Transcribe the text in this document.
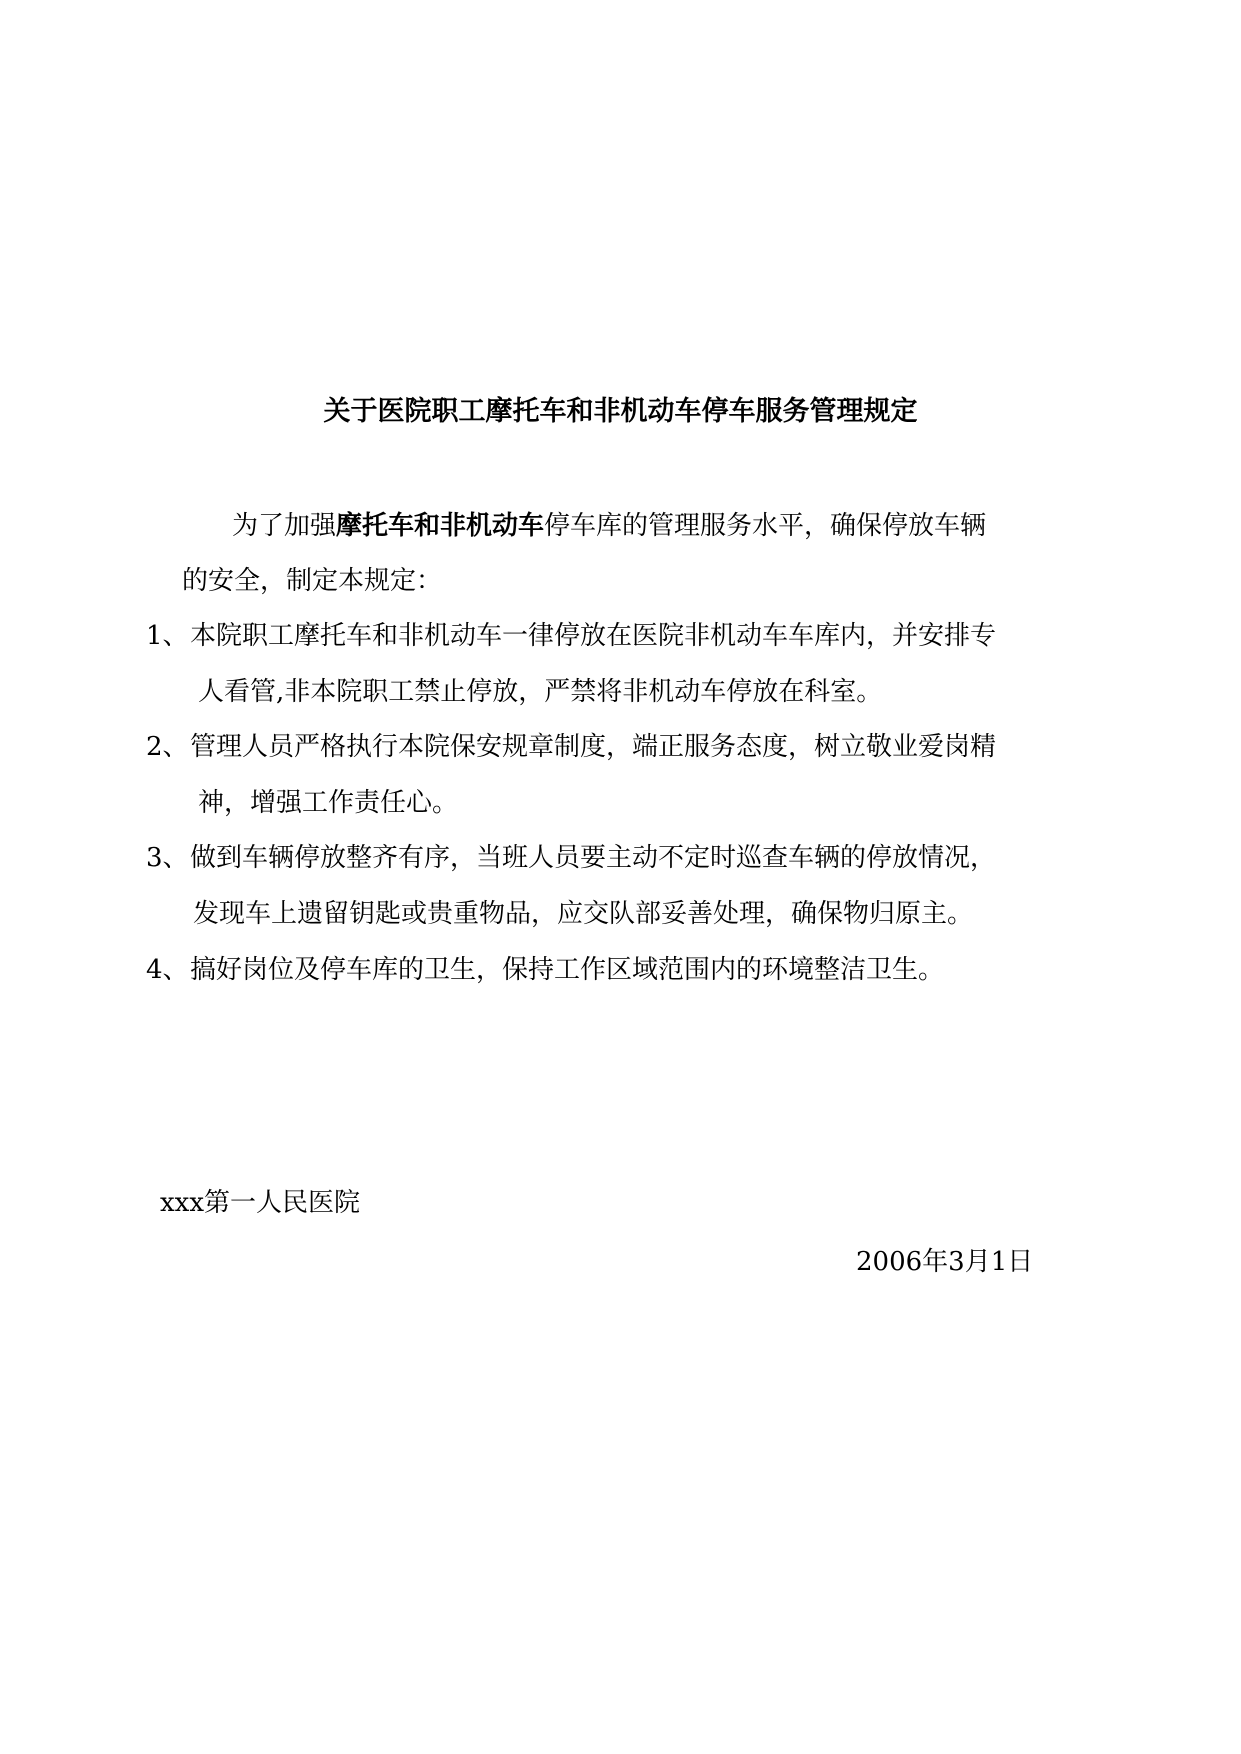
关于医院职工摩托车和非机动车停车服务管理规定
为了加强摩托车和非机动车停车库的管理服务水平，确保停放车辆
的安全，制定本规定：
1、 本院职工摩托车和非机动车一律停放在医院非机动车车库内，并安排专
人看管,非本院职工禁止停放，严禁将非机动车停放在科室。
2、 管理人员严格执行本院保安规章制度，端正服务态度，树立敬业爱岗精
神，增强工作责任心。
3、 做到车辆停放整齐有序，当班人员要主动不定时巡查车辆的停放情况，
发现车上遗留钥匙或贵重物品，应交队部妥善处理，确保物归原主。
4、 搞好岗位及停车库的卫生，保持工作区域范围内的环境整洁卫生。
xxx第一人民医院
2006年3月1日
